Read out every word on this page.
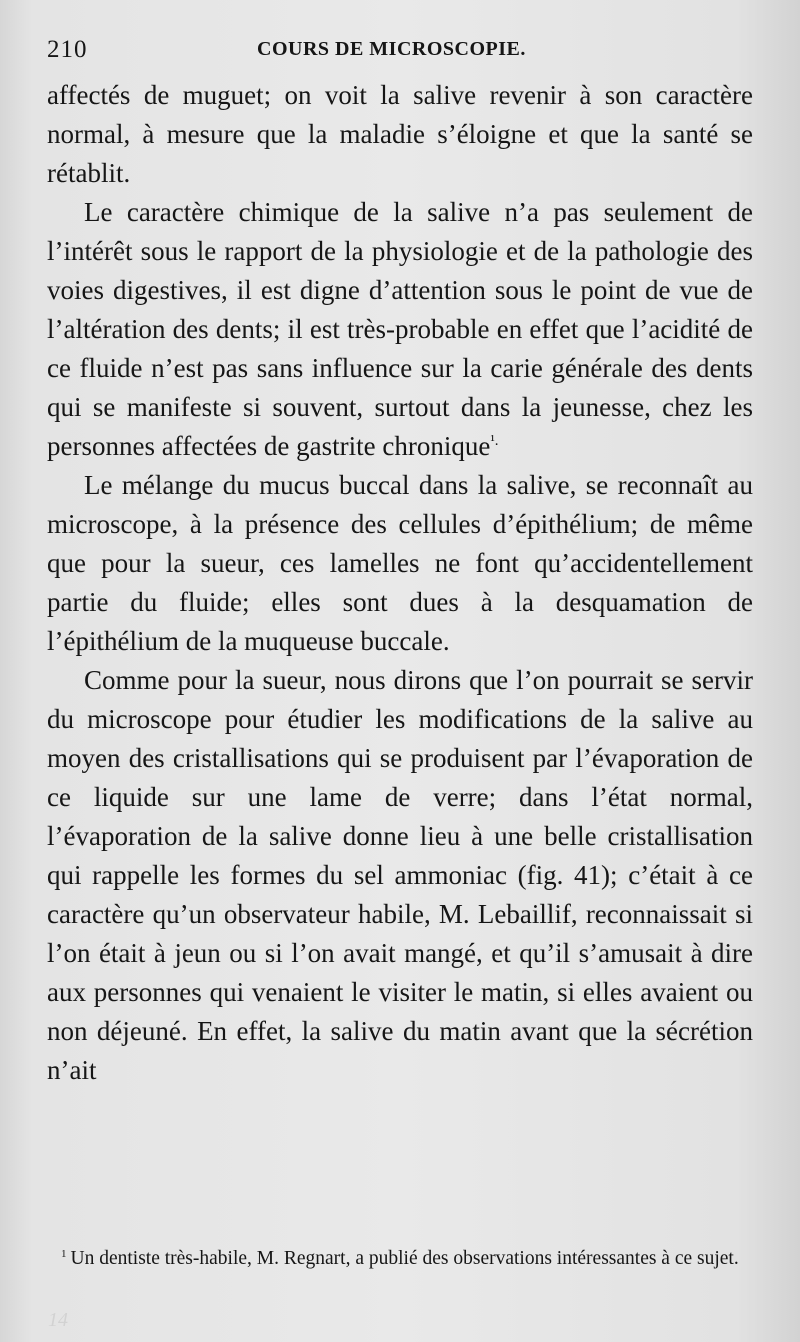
210	COURS DE MICROSCOPIE.

affectés de muguet; on voit la salive revenir à son caractère normal, à mesure que la maladie s’éloigne et que la santé se rétablit.

Le caractère chimique de la salive n’a pas seulement de l’intérêt sous le rapport de la physiologie et de la pathologie des voies digestives, il est digne d’attention sous le point de vue de l’altération des dents; il est très-probable en effet que l’acidité de ce fluide n’est pas sans influence sur la carie générale des dents qui se manifeste si souvent, surtout dans la jeunesse, chez les personnes affectées de gastrite chronique$^{^1.}$

Le mélange du mucus buccal dans la salive, se reconnaît au microscope, à la présence des cellules d’épithélium; de même que pour la sueur, ces lamelles ne font qu’accidentellement partie du fluide; elles sont dues à la desquamation de l’épithélium de la muqueuse buccale.

Comme pour la sueur, nous dirons que l’on pourrait se servir du microscope pour étudier les modifications de la salive au moyen des cristallisations qui se produisent par l’évaporation de ce liquide sur une lame de verre; dans l’état normal, l’évaporation de la salive donne lieu à une belle cristallisation qui rappelle les formes du sel ammoniac (fig. 41); c’était à ce caractère qu’un observateur habile, M. Lebaillif, reconnaissait si l’on était à jeun ou si l’on avait mangé, et qu’il s’amusait à dire aux personnes qui venaient le visiter le matin, si elles avaient ou non déjeuné. En effet, la salive du matin avant que la sécrétion n’ait

$^1$ Un dentiste très-habile, M. Regnart, a publié des observations intéressantes à ce sujet.
14
